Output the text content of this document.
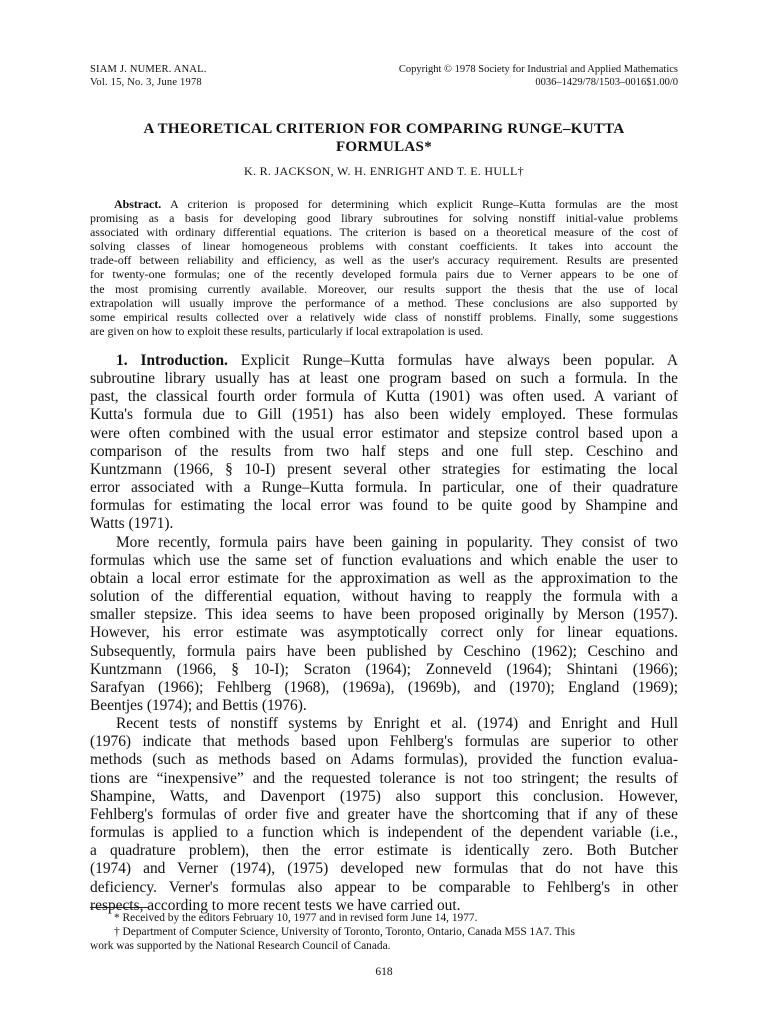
SIAM J. NUMER. ANAL.
Vol. 15, No. 3, June 1978
Copyright © 1978 Society for Industrial and Applied Mathematics
0036–1429/78/1503–0016$1.00/0
A THEORETICAL CRITERION FOR COMPARING RUNGE–KUTTA
FORMULAS*
K. R. JACKSON, W. H. ENRIGHT AND T. E. HULL†
Abstract. A criterion is proposed for determining which explicit Runge–Kutta formulas are the most
promising as a basis for developing good library subroutines for solving nonstiff initial-value problems
associated with ordinary differential equations. The criterion is based on a theoretical measure of the cost of
solving classes of linear homogeneous problems with constant coefficients. It takes into account the
trade-off between reliability and efficiency, as well as the user's accuracy requirement. Results are presented
for twenty-one formulas; one of the recently developed formula pairs due to Verner appears to be one of
the most promising currently available. Moreover, our results support the thesis that the use of local
extrapolation will usually improve the performance of a method. These conclusions are also supported by
some empirical results collected over a relatively wide class of nonstiff problems. Finally, some suggestions
are given on how to exploit these results, particularly if local extrapolation is used.
1. Introduction. Explicit Runge–Kutta formulas have always been popular. A
subroutine library usually has at least one program based on such a formula. In the
past, the classical fourth order formula of Kutta (1901) was often used. A variant of
Kutta's formula due to Gill (1951) has also been widely employed. These formulas
were often combined with the usual error estimator and stepsize control based upon a
comparison of the results from two half steps and one full step. Ceschino and
Kuntzmann (1966, § 10-I) present several other strategies for estimating the local
error associated with a Runge–Kutta formula. In particular, one of their quadrature
formulas for estimating the local error was found to be quite good by Shampine and
Watts (1971).
More recently, formula pairs have been gaining in popularity. They consist of two
formulas which use the same set of function evaluations and which enable the user to
obtain a local error estimate for the approximation as well as the approximation to the
solution of the differential equation, without having to reapply the formula with a
smaller stepsize. This idea seems to have been proposed originally by Merson (1957).
However, his error estimate was asymptotically correct only for linear equations.
Subsequently, formula pairs have been published by Ceschino (1962); Ceschino and
Kuntzmann (1966, § 10-I); Scraton (1964); Zonneveld (1964); Shintani (1966);
Sarafyan (1966); Fehlberg (1968), (1969a), (1969b), and (1970); England (1969);
Beentjes (1974); and Bettis (1976).
Recent tests of nonstiff systems by Enright et al. (1974) and Enright and Hull
(1976) indicate that methods based upon Fehlberg's formulas are superior to other
methods (such as methods based on Adams formulas), provided the function evalua-
tions are “inexpensive” and the requested tolerance is not too stringent; the results of
Shampine, Watts, and Davenport (1975) also support this conclusion. However,
Fehlberg's formulas of order five and greater have the shortcoming that if any of these
formulas is applied to a function which is independent of the dependent variable (i.e.,
a quadrature problem), then the error estimate is identically zero. Both Butcher
(1974) and Verner (1974), (1975) developed new formulas that do not have this
deficiency. Verner's formulas also appear to be comparable to Fehlberg's in other
respects, according to more recent tests we have carried out.
* Received by the editors February 10, 1977 and in revised form June 14, 1977.
† Department of Computer Science, University of Toronto, Toronto, Ontario, Canada M5S 1A7. This
work was supported by the National Research Council of Canada.
618
